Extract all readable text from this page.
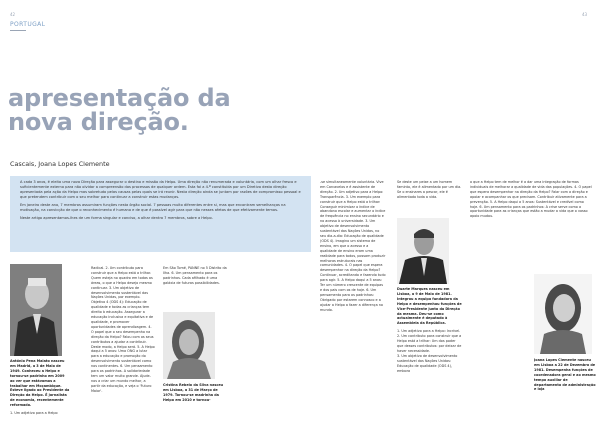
42	43
PORTUGAL
apresentação da
nova direção.
Cascais, Joana Lopes Clemente

A cada 3 anos, é eleita uma nova Direção para assegurar o destino e missão da Helpo. Uma direção não renumerada e voluntária, com um olhar fresco e suficientemente externo para não olvidar a compreensão dos processos de qualquer ordem. Esta foi a 4.ª constituída por um Diretivo desta direção apresentada pela ação da Helpo mas sobretudo pelas causas pelas quais se irá reunir. Nesta direção ainda se juntam por razões de compromisso pessoal e que pretendem contribuir com o seu melhor para continuar a construir estas mudanças.

Em janeiro deste ano, 7 membros assumiram funções nesta órgão social. 7 pessoas muito diferentes entre si, mas que encontram semelhanças na motivação, na convicção de que o reconhecimento é humano e de que é possível agir para que não nesses afetos de que efetivamente temos.

Neste artigo apresentamos-lhes de um forma singular e conciso, a olhar dentro 7 membros, sobre a Helpo.

António Pena Malato nasceu em Madrid, a 3 de Maio de 1949. Conheceu a Helpo e tornou-se padrinho em 2009 ao ver que estávamos a trabalhar em Moçambique. Esteve ligado ao Presidente da Direção da Helpo. É jornalista de economia, recentemente reformado.

1. Um adjetivo para a Helpo

Radical. 2. Um contributo para construir que a Helpo está a trilhar. Quem esteja no quadro em todas as áreas, o que a Helpo desejo mesmo continuar. 3. Um objetivo de desenvolvimento sustentável das Nações Unidas, por exemplo. Objetivo 4 (ODS 4): Educação de qualidade e todas as crianças tem direito à educação. Assegurar a educação inclusiva e equitativa e de qualidade, e promover oportunidades de aprendizagem. 4. O papel que o seu desempenho na direção da Helpo? Falou com os seus contributos a ajudar a contribuir. Deste modo, a Helpo será. 5. A Helpo daqui a 5 anos: Uma ONG a lutar para a educação e promoção do desenvolvimento sustentável como nos continentes. 6. Um pensamento para os padrinhos. A solidariedade tem um valor muito grande. Ajude-nos a criar um mundo melhor, a partir da educação, e veja o 'Futuro Maior'.

Em São Tomé, PANNE no 5 Distrito da Ilha. 6. Um pensamento para os padrinhos. Cada afilhado é uma galáxia de futuras possibilidades.

Cristina Rebelo da Silva nasceu em Lisboa, a 31 de Março de 1979. Tornou-se madrinha da Helpo em 2010 e tornou-

-se simultaneamente voluntária. Vive em Carcavelos e é assistente de direção. 2. Um adjetivo para a Helpo: Transparência. 3. Um exemplo para construir que a Helpo está a trilhar: Conseguir minimizar o índice de abandono escolar e aumentar o índice de frequência no ensino secundário e no acesso à universidade. 3. Um objetivo de desenvolvimento sustentável das Nações Unidas, no seu dia-a-dia: Educação de qualidade (ODS 4). Imagino um sistema de ensino, em que o acesso e a qualidade de ensino eram uma realidade para todos, possam produzir melhoras estruturais nas comunidades. 4. O papel que espera desempenhar na direção da Helpo? Continuar, acreditando e fazendo tudo para agir. 5. A Helpo daqui a 5 anos: Ter um número crescente de equipas e dos pais com os de hoje. 6. Um pensamento para os padrinhos: Obrigado por estarem connosco e a ajudar a Helpo a fazer a diferença no mundo.

Se deste um peixe a um homem faminto, ele é alimentado por um dia. Se o ensinares a pescar, ele é alimentado toda a vida.

Duarte Marques nasceu em Lisboa, a 9 de Maio de 1981. Integrou a equipa fundadora da Helpo e desempenhou funções de Vice-Presidente junto da Direção da mesma. Deu-se como actualmente é deputado à Assembleia da República.

1. Um adjetivo para a Helpo: Incrível.

2. Um contributo para construir que a Helpo está a trilhar: Um dos poder que desses contributos: por deixar de haver necessidade.

3. Um objetivo de desenvolvimento sustentável das Nações Unidas: Educação de qualidade (ODS 4), embora

o que a Helpo tem de melhor é a dar uma integração de formas individuais de melhorar a qualidade de vida das populações. 4. O papel que espera desempenhar na direção da Helpo? Falar com a direção e apoiar e acompanhar os que precisam. Contribuir ativamente para a prevenção. 5. A Helpo daqui a 5 anos: Sustentável e credível como hoje. 6. Um pensamento para os padrinhos: A crise serve como a oportunidade para as crianças que estão a mudar a vida que o vosso apoio mudou.

Joana Lopes Clemente nasceu em Lisboa a 22 de Dezembro de 1981. Desempenha funções de coordenadora geral e ao mesmo tempo auxiliar de departamento de administração e loja
